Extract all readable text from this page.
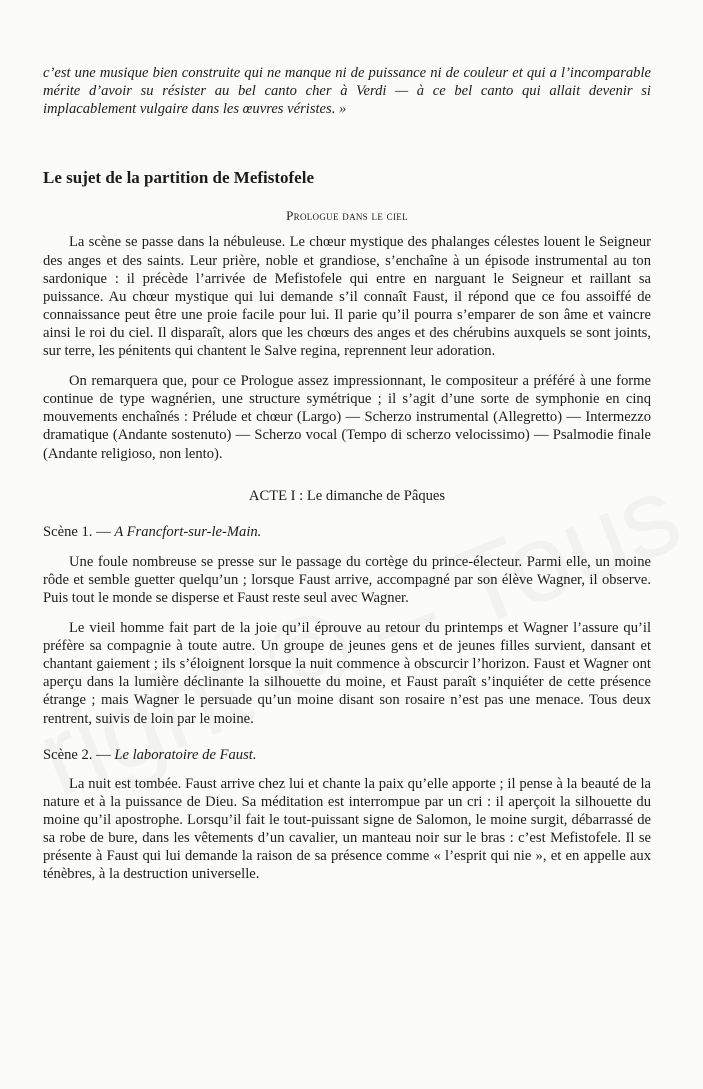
c’est une musique bien construite qui ne manque ni de puissance ni de couleur et qui a l’incomparable mérite d’avoir su résister au bel canto cher à Verdi — à ce bel canto qui allait devenir si implacablement vulgaire dans les œuvres véristes. »

Le sujet de la partition de Mefistofele

Prologue dans le ciel

La scène se passe dans la nébuleuse. Le chœur mystique des phalanges célestes louent le Seigneur des anges et des saints. Leur prière, noble et grandiose, s’enchaîne à un épisode instrumental au ton sardonique : il précède l’arrivée de Mefistofele qui entre en narguant le Seigneur et raillant sa puissance. Au chœur mystique qui lui demande s’il connaît Faust, il répond que ce fou assoiffé de connaissance peut être une proie facile pour lui. Il parie qu’il pourra s’emparer de son âme et vaincre ainsi le roi du ciel. Il disparaît, alors que les chœurs des anges et des chérubins auxquels se sont joints, sur terre, les pénitents qui chantent le Salve regina, reprennent leur adoration.

On remarquera que, pour ce Prologue assez impressionnant, le compositeur a préféré à une forme continue de type wagnérien, une structure symétrique ; il s’agit d’une sorte de symphonie en cinq mouvements enchaînés : Prélude et chœur (Largo) — Scherzo instrumental (Allegretto) — Intermezzo dramatique (Andante sostenuto) — Scherzo vocal (Tempo di scherzo velocissimo) — Psalmodie finale (Andante religioso, non lento).

ACTE I : Le dimanche de Pâques

Scène 1. — A Francfort-sur-le-Main.

Une foule nombreuse se presse sur le passage du cortège du prince-électeur. Parmi elle, un moine rôde et semble guetter quelqu’un ; lorsque Faust arrive, accompagné par son élève Wagner, il observe. Puis tout le monde se disperse et Faust reste seul avec Wagner.

Le vieil homme fait part de la joie qu’il éprouve au retour du printemps et Wagner l’assure qu’il préfère sa compagnie à toute autre. Un groupe de jeunes gens et de jeunes filles survient, dansant et chantant gaiement ; ils s’éloignent lorsque la nuit commence à obscurcir l’horizon. Faust et Wagner ont aperçu dans la lumière déclinante la silhouette du moine, et Faust paraît s’inquiéter de cette présence étrange ; mais Wagner le persuade qu’un moine disant son rosaire n’est pas une menace. Tous deux rentrent, suivis de loin par le moine.

Scène 2. — Le laboratoire de Faust.

La nuit est tombée. Faust arrive chez lui et chante la paix qu’elle apporte ; il pense à la beauté de la nature et à la puissance de Dieu. Sa méditation est interrompue par un cri : il aperçoit la silhouette du moine qu’il apostrophe. Lorsqu’il fait le tout-puissant signe de Salomon, le moine surgit, débarrassé de sa robe de bure, dans les vêtements d’un cavalier, un manteau noir sur le bras : c’est Mefistofele. Il se présente à Faust qui lui demande la raison de sa présence comme « l’esprit qui nie », et en appelle aux ténèbres, à la destruction universelle.
